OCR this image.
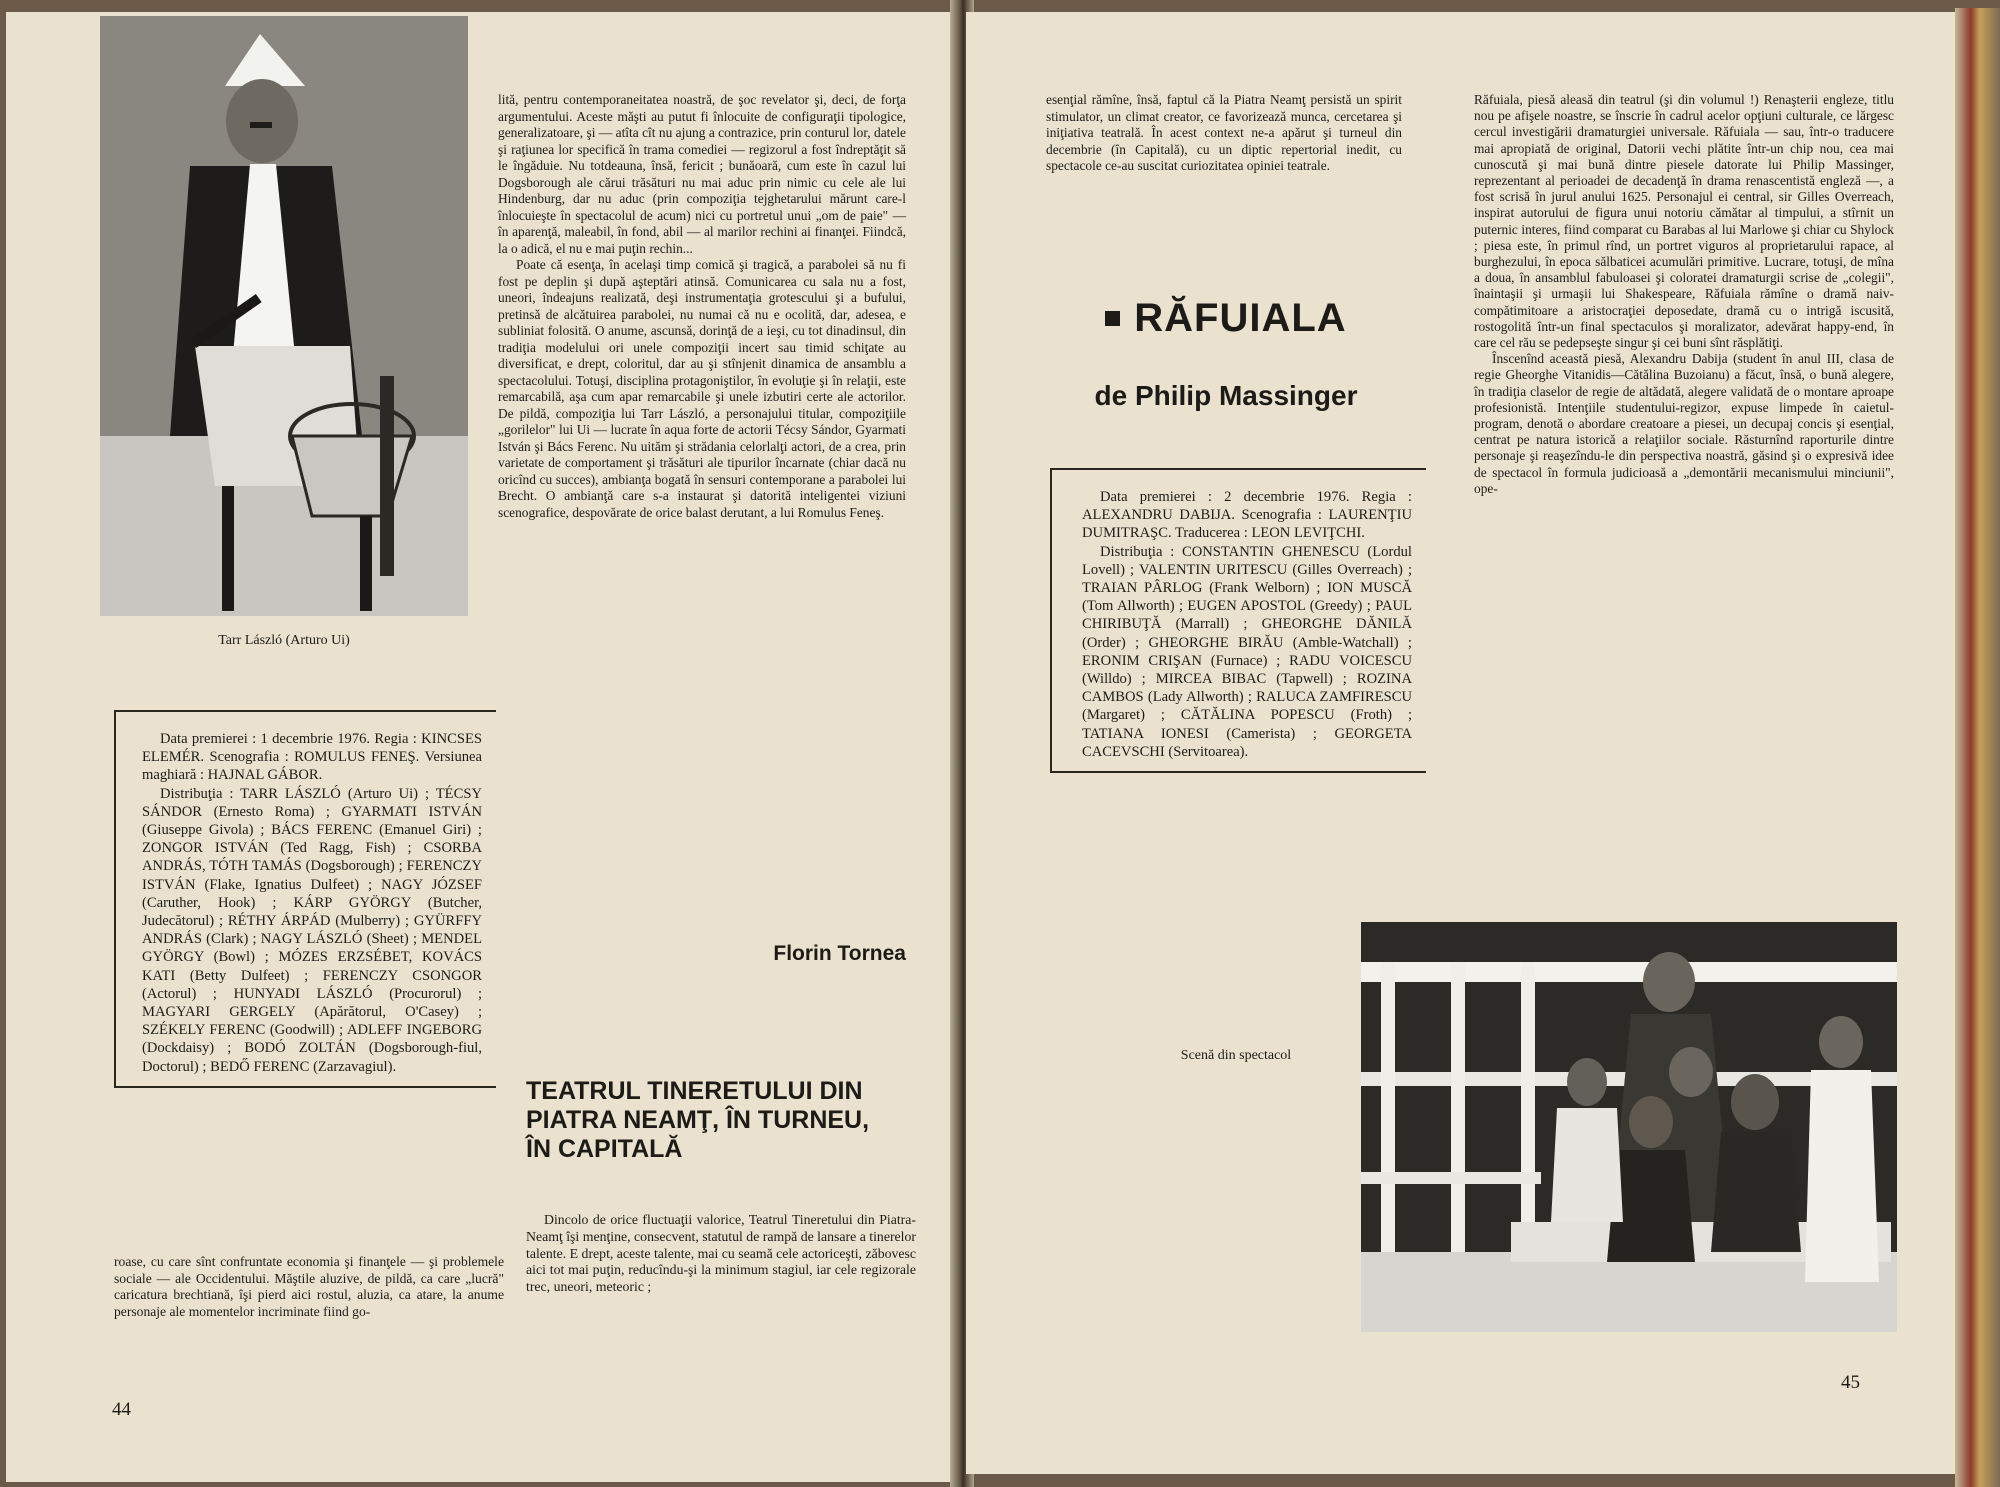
Tarr László (Arturo Ui)

Data premierei : 1 decembrie 1976. Regia : KINCSES ELEMÉR. Scenografia : ROMULUS FENEŞ. Versiunea maghiară : HAJNAL GÁBOR.

Distribuţia : TARR LÁSZLÓ (Arturo Ui) ; TÉCSY SÁNDOR (Ernesto Roma) ; GYARMATI ISTVÁN (Giuseppe Givola) ; BÁCS FERENC (Emanuel Giri) ; ZONGOR ISTVÁN (Ted Ragg, Fish) ; CSORBA ANDRÁS, TÓTH TAMÁS (Dogsborough) ; FERENCZY ISTVÁN (Flake, Ignatius Dulfeet) ; NAGY JÓZSEF (Caruther, Hook) ; KÁRP GYÖRGY (Butcher, Judecătorul) ; RÉTHY ÁRPÁD (Mulberry) ; GYÜRFFY ANDRÁS (Clark) ; NAGY LÁSZLÓ (Sheet) ; MENDEL GYÖRGY (Bowl) ; MÓZES ERZSÉBET, KOVÁCS KATI (Betty Dulfeet) ; FERENCZY CSONGOR (Actorul) ; HUNYADI LÁSZLÓ (Procurorul) ; MAGYARI GERGELY (Apărătorul, O'Casey) ; SZÉKELY FERENC (Goodwill) ; ADLEFF INGEBORG (Dockdaisy) ; BODÓ ZOLTÁN (Dogsborough-fiul, Doctorul) ; BEDŐ FERENC (Zarzavagiul).

roase, cu care sînt confruntate economia şi finanţele — şi problemele sociale — ale Occidentului. Măştile aluzive, de pildă, ca care „lucră" caricatura brechtiană, îşi pierd aici rostul, aluzia, ca atare, la anume personaje ale momentelor incriminate fiind go-

lită, pentru contemporaneitatea noastră, de şoc revelator şi, deci, de forţa argumentului. Aceste măşti au putut fi înlocuite de configuraţii tipologice, generalizatoare, şi — atîta cît nu ajung a contrazice, prin conturul lor, datele şi raţiunea lor specifică în trama comediei — regizorul a fost îndreptăţit să le îngăduie. Nu totdeauna, însă, fericit ; bunăoară, cum este în cazul lui Dogsborough ale cărui trăsături nu mai aduc prin nimic cu cele ale lui Hindenburg, dar nu aduc (prin compoziţia tejghetarului mărunt care-l înlocuieşte în spectacolul de acum) nici cu portretul unui „om de paie" — în aparenţă, maleabil, în fond, abil — al marilor rechini ai finanţei. Fiindcă, la o adică, el nu e mai puţin rechin...

Poate că esenţa, în acelaşi timp comică şi tragică, a parabolei să nu fi fost pe deplin şi după aşteptări atinsă. Comunicarea cu sala nu a fost, uneori, îndeajuns realizată, deşi instrumentaţia grotescului şi a bufului, pretinsă de alcătuirea parabolei, nu numai că nu e ocolită, dar, adesea, e subliniat folosită. O anume, ascunsă, dorinţă de a ieşi, cu tot dinadinsul, din tradiţia modelului ori unele compoziţii incert sau timid schiţate au diversificat, e drept, coloritul, dar au şi stînjenit dinamica de ansamblu a spectacolului. Totuşi, disciplina protagoniştilor, în evoluţie şi în relaţii, este remarcabilă, aşa cum apar remarcabile şi unele izbutiri certe ale actorilor. De pildă, compoziţia lui Tarr László, a personajului titular, compoziţiile „gorilelor" lui Ui — lucrate în aqua forte de actorii Técsy Sándor, Gyarmati István şi Bács Ferenc. Nu uităm şi strădania celorlalţi actori, de a crea, prin varietate de comportament şi trăsături ale tipurilor încarnate (chiar dacă nu oricînd cu succes), ambianţa bogată în sensuri contemporane a parabolei lui Brecht. O ambianţă care s-a instaurat şi datorită inteligentei viziuni scenografice, despovărate de orice balast derutant, a lui Romulus Feneş.

Florin Tornea
TEATRUL TINERETULUI DIN PIATRA NEAMŢ, ÎN TURNEU, ÎN CAPITALĂ

Dincolo de orice fluctuaţii valorice, Teatrul Tineretului din Piatra-Neamţ îşi menţine, consecvent, statutul de rampă de lansare a tinerelor talente. E drept, aceste talente, mai cu seamă cele actoriceşti, zăbovesc aici tot mai puţin, reducîndu-şi la minimum stagiul, iar cele regizorale trec, uneori, meteoric ;

44

esenţial rămîne, însă, faptul că la Piatra Neamţ persistă un spirit stimulator, un climat creator, ce favorizează munca, cercetarea şi iniţiativa teatrală. În acest context ne-a apărut şi turneul din decembrie (în Capitală), cu un diptic repertorial inedit, cu spectacole ce-au suscitat curiozitatea opiniei teatrale.

RĂFUIALA
de Philip Massinger

Data premierei : 2 decembrie 1976. Regia : ALEXANDRU DABIJA. Scenografia : LAURENŢIU DUMITRAŞC. Traducerea : LEON LEVIŢCHI.

Distribuţia : CONSTANTIN GHENESCU (Lordul Lovell) ; VALENTIN URITESCU (Gilles Overreach) ; TRAIAN PÂRLOG (Frank Welborn) ; ION MUSCĂ (Tom Allworth) ; EUGEN APOSTOL (Greedy) ; PAUL CHIRIBUŢĂ (Marrall) ; GHEORGHE DĂNILĂ (Order) ; GHEORGHE BIRĂU (Amble-Watchall) ; ERONIM CRIŞAN (Furnace) ; RADU VOICESCU (Willdo) ; MIRCEA BIBAC (Tapwell) ; ROZINA CAMBOS (Lady Allworth) ; RALUCA ZAMFIRESCU (Margaret) ; CĂTĂLINA POPESCU (Froth) ; TATIANA IONESI (Camerista) ; GEORGETA CACEVSCHI (Servitoarea).

Răfuiala, piesă aleasă din teatrul (şi din volumul !) Renaşterii engleze, titlu nou pe afişele noastre, se înscrie în cadrul acelor opţiuni culturale, ce lărgesc cercul investigării dramaturgiei universale. Răfuiala — sau, într-o traducere mai apropiată de original, Datorii vechi plătite într-un chip nou, cea mai cunoscută şi mai bună dintre piesele datorate lui Philip Massinger, reprezentant al perioadei de decadenţă în drama renascentistă engleză —, a fost scrisă în jurul anului 1625. Personajul ei central, sir Gilles Overreach, inspirat autorului de figura unui notoriu cămătar al timpului, a stîrnit un puternic interes, fiind comparat cu Barabas al lui Marlowe şi chiar cu Shylock ; piesa este, în primul rînd, un portret viguros al proprietarului rapace, al burghezului, în epoca sălbaticei acumulări primitive. Lucrare, totuşi, de mîna a doua, în ansamblul fabuloasei şi coloratei dramaturgii scrise de „colegii", înaintaşii şi urmaşii lui Shakespeare, Răfuiala rămîne o dramă naiv-compătimitoare a aristocraţiei deposedate, dramă cu o intrigă iscusită, rostogolită într-un final spectaculos şi moralizator, adevărat happy-end, în care cel rău se pedepseşte singur şi cei buni sînt răsplătiţi.

Înscenînd această piesă, Alexandru Dabija (student în anul III, clasa de regie Gheorghe Vitanidis—Cătălina Buzoianu) a făcut, însă, o bună alegere, în tradiţia claselor de regie de altădată, alegere validată de o montare aproape profesionistă. Intenţiile studentului-regizor, expuse limpede în caietul-program, denotă o abordare creatoare a piesei, un decupaj concis şi esenţial, centrat pe natura istorică a relaţiilor sociale. Răsturnînd raporturile dintre personaje şi reaşezîndu-le din perspectiva noastră, găsind şi o expresivă idee de spectacol în formula judicioasă a „demontării mecanismului minciunii", ope-

Scenă din spectacol
45
